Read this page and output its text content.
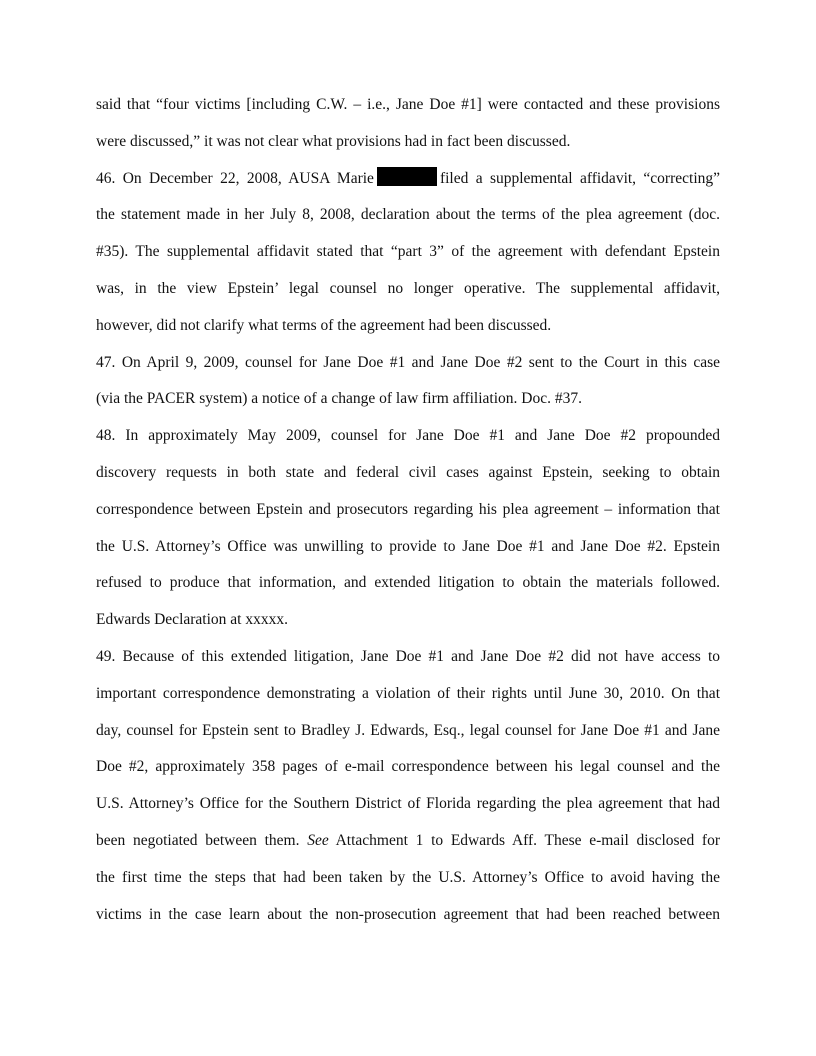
said that “four victims [including C.W. – i.e., Jane Doe #1] were contacted and these provisions
were discussed,” it was not clear what provisions had in fact been discussed.
46. On December 22, 2008, AUSA Marie	filed a supplemental affidavit, “correcting”
the statement made in her July 8, 2008, declaration about the terms of the plea agreement (doc.
#35). The supplemental affidavit stated that “part 3” of the agreement with defendant Epstein
was, in the view Epstein’ legal counsel no longer operative. The supplemental affidavit,
however, did not clarify what terms of the agreement had been discussed.
47. On April 9, 2009, counsel for Jane Doe #1 and Jane Doe #2 sent to the Court in this case
(via the PACER system) a notice of a change of law firm affiliation. Doc. #37.
48. In approximately May 2009, counsel for Jane Doe #1 and Jane Doe #2 propounded
discovery requests in both state and federal civil cases against Epstein, seeking to obtain
correspondence between Epstein and prosecutors regarding his plea agreement – information that
the U.S. Attorney’s Office was unwilling to provide to Jane Doe #1 and Jane Doe #2. Epstein
refused to produce that information, and extended litigation to obtain the materials followed.
Edwards Declaration at xxxxx.
49. Because of this extended litigation, Jane Doe #1 and Jane Doe #2 did not have access to
important correspondence demonstrating a violation of their rights until June 30, 2010. On that
day, counsel for Epstein sent to Bradley J. Edwards, Esq., legal counsel for Jane Doe #1 and Jane
Doe #2, approximately 358 pages of e-mail correspondence between his legal counsel and the
U.S. Attorney’s Office for the Southern District of Florida regarding the plea agreement that had
been negotiated between them. See Attachment 1 to Edwards Aff. These e-mail disclosed for
the first time the steps that had been taken by the U.S. Attorney’s Office to avoid having the
victims in the case learn about the non-prosecution agreement that had been reached between
